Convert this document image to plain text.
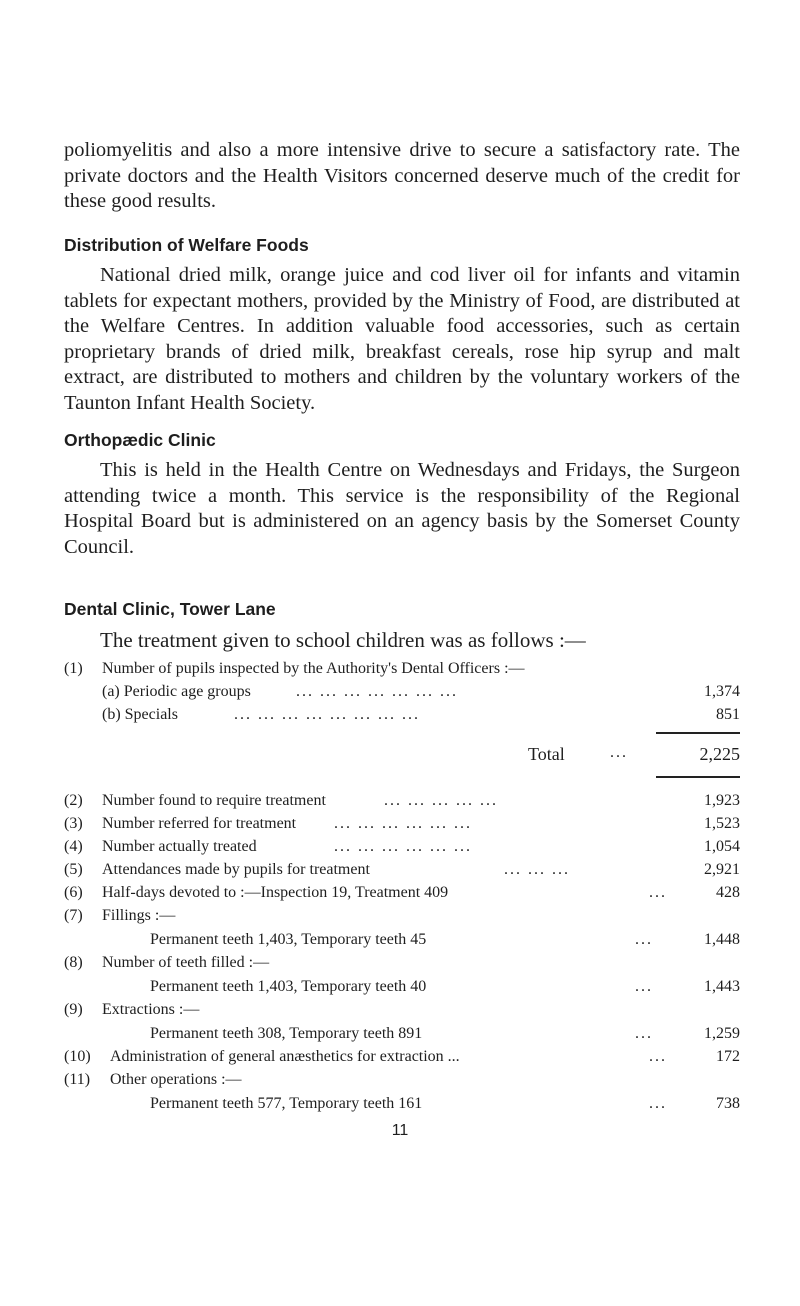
poliomyelitis and also a more intensive drive to secure a satisfactory rate. The private doctors and the Health Visitors concerned deserve much of the credit for these good results.

Distribution of Welfare Foods

National dried milk, orange juice and cod liver oil for infants and vitamin tablets for expectant mothers, provided by the Ministry of Food, are distributed at the Welfare Centres. In addition valuable food accessories, such as certain proprietary brands of dried milk, breakfast cereals, rose hip syrup and malt extract, are distributed to mothers and children by the voluntary workers of the Taunton Infant Health Society.

Orthopædic Clinic

This is held in the Health Centre on Wednesdays and Fridays, the Surgeon attending twice a month. This service is the responsibility of the Regional Hospital Board but is administered on an agency basis by the Somerset County Council.

Dental Clinic, Tower Lane

The treatment given to school children was as follows :—

(1) Number of pupils inspected by the Authority's Dental Officers :—
(a) Periodic age groups	... ... ... ... ... ... ...	1,374
(b) Specials	... ... ... ... ... ... ... ...	851
Total	...	2,225
(2) Number found to require treatment	... ... ... ... ...	1,923
(3) Number referred for treatment ... ... ... ... ... ...	1,523
(4) Number actually treated	... ... ... ... ... ...	1,054
(5) Attendances made by pupils for treatment	... ... ...	2,921
(6) Half-days devoted to :—Inspection 19, Treatment 409	...	428
(7) Fillings :—
Permanent teeth 1,403, Temporary teeth 45	...	1,448
(8) Number of teeth filled :—
Permanent teeth 1,403, Temporary teeth 40	...	1,443
(9) Extractions :—
Permanent teeth 308, Temporary teeth 891	...	1,259
(10) Administration of general anæsthetics for extraction ...	...	172
(11) Other operations :—
Permanent teeth 577, Temporary teeth 161	...	738
11
